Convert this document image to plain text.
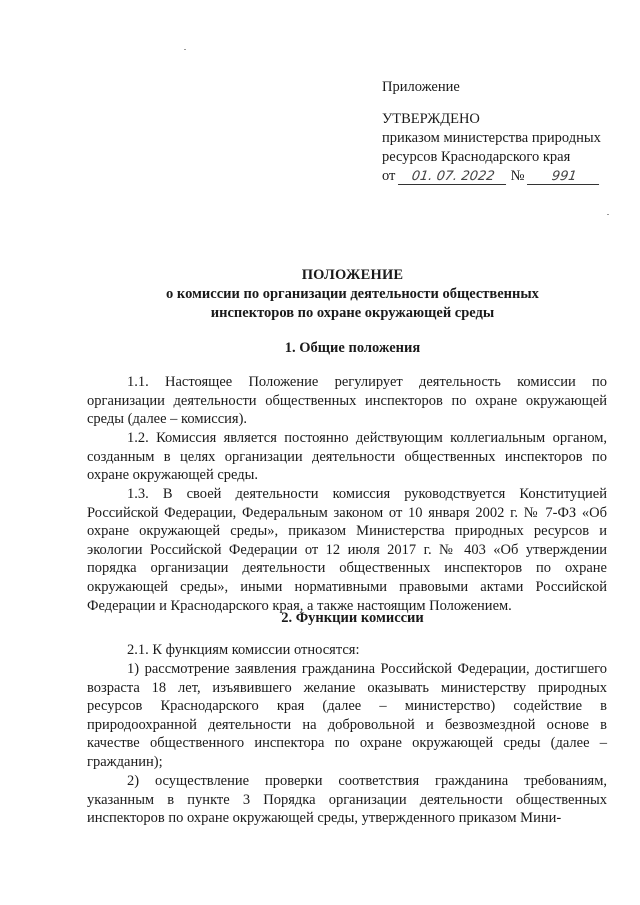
Приложение
УТВЕРЖДЕНО
приказом министерства природных
ресурсов Краснодарского края
от 01. 07. 2022 № 991
ПОЛОЖЕНИЕ
о комиссии по организации деятельности общественных
инспекторов по охране окружающей среды
1. Общие положения
1.1. Настоящее Положение регулирует деятельность комиссии по организации деятельности общественных инспекторов по охране окружающей среды (далее – комиссия).
1.2. Комиссия является постоянно действующим коллегиальным органом, созданным в целях организации деятельности общественных инспекторов по охране окружающей среды.
1.3. В своей деятельности комиссия руководствуется Конституцией Российской Федерации, Федеральным законом от 10 января 2002 г. № 7-ФЗ «Об охране окружающей среды», приказом Министерства природных ресурсов и экологии Российской Федерации от 12 июля 2017 г. № 403 «Об утверждении порядка организации деятельности общественных инспекторов по охране окружающей среды», иными нормативными правовыми актами Российской Федерации и Краснодарского края, а также настоящим Положением.
2. Функции комиссии
2.1. К функциям комиссии относятся:
1) рассмотрение заявления гражданина Российской Федерации, достигшего возраста 18 лет, изъявившего желание оказывать министерству природных ресурсов Краснодарского края (далее – министерство) содействие в природоохранной деятельности на добровольной и безвозмездной основе в качестве общественного инспектора по охране окружающей среды (далее – гражданин);
2) осуществление проверки соответствия гражданина требованиям, указанным в пункте 3 Порядка организации деятельности общественных инспекторов по охране окружающей среды, утвержденного приказом Мини-
